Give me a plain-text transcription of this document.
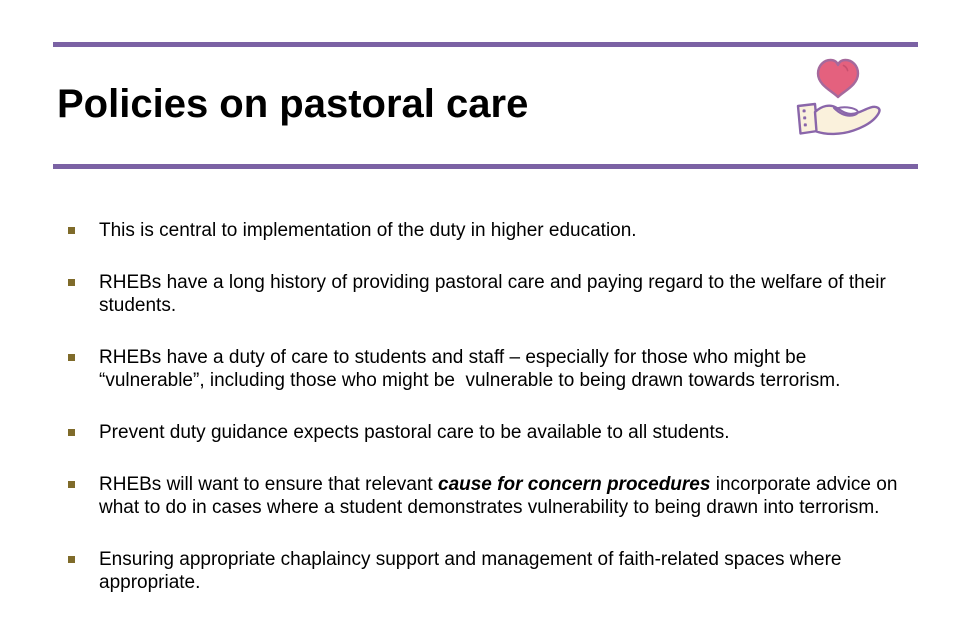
Policies on pastoral care
This is central to implementation of the duty in higher education.
RHEBs have a long history of providing pastoral care and paying regard to the welfare of their students.
RHEBs have a duty of care to students and staff – especially for those who might be “vulnerable”, including those who might be  vulnerable to being drawn towards terrorism.
Prevent duty guidance expects pastoral care to be available to all students.
RHEBs will want to ensure that relevant cause for concern procedures incorporate advice on what to do in cases where a student demonstrates vulnerability to being drawn into terrorism.
Ensuring appropriate chaplaincy support and management of faith-related spaces where appropriate.
